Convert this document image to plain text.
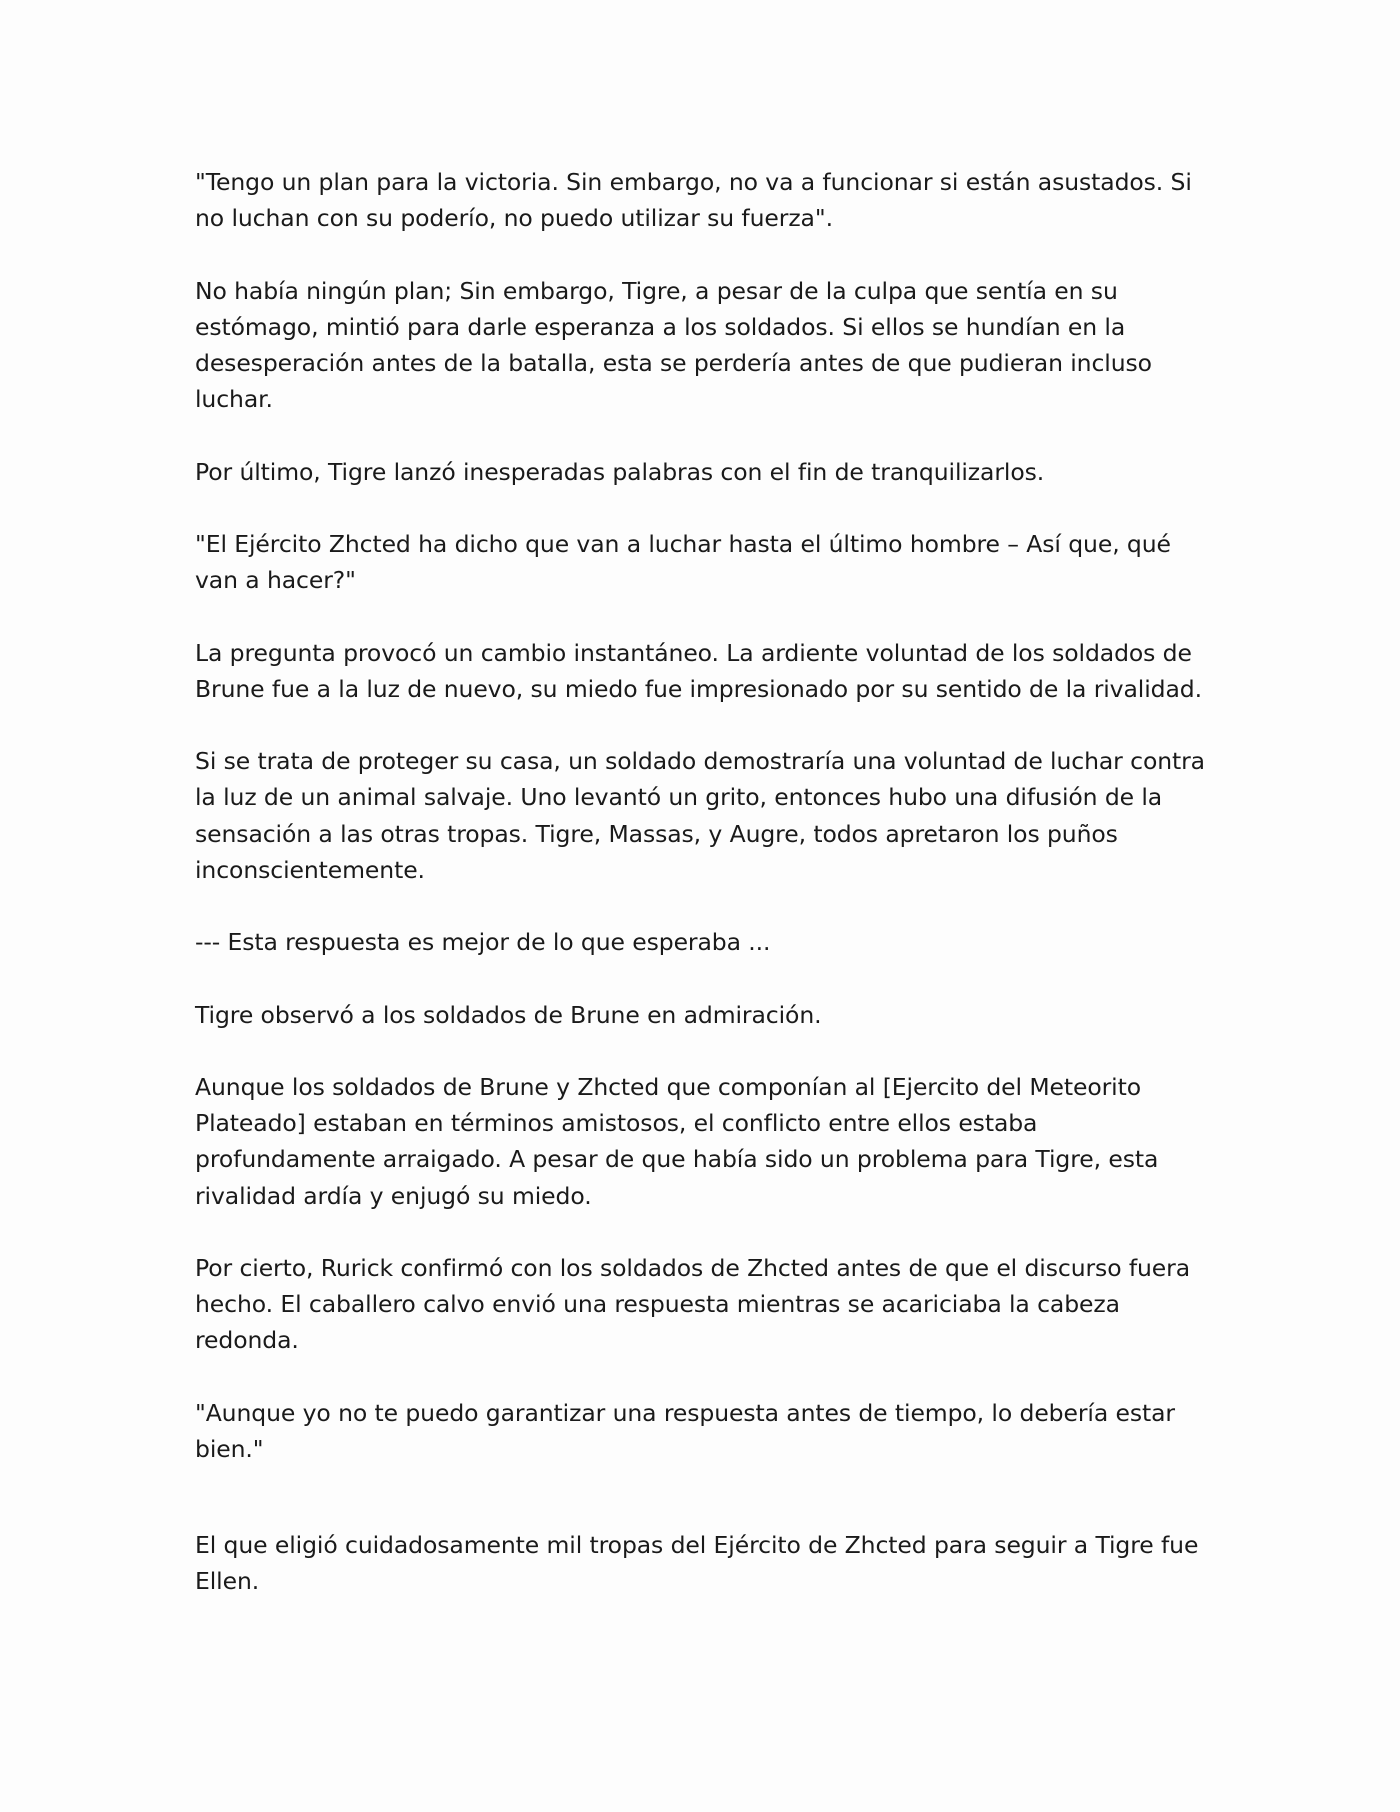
"Tengo un plan para la victoria. Sin embargo, no va a funcionar si están asustados. Si no luchan con su poderío, no puedo utilizar su fuerza".

No había ningún plan; Sin embargo, Tigre, a pesar de la culpa que sentía en su estómago, mintió para darle esperanza a los soldados. Si ellos se hundían en la desesperación antes de la batalla, esta se perdería antes de que pudieran incluso luchar.

Por último, Tigre lanzó inesperadas palabras con el fin de tranquilizarlos.

"El Ejército Zhcted ha dicho que van a luchar hasta el último hombre – Así que, qué van a hacer?"

La pregunta provocó un cambio instantáneo. La ardiente voluntad de los soldados de Brune fue a la luz de nuevo, su miedo fue impresionado por su sentido de la rivalidad.

Si se trata de proteger su casa, un soldado demostraría una voluntad de luchar contra la luz de un animal salvaje. Uno levantó un grito, entonces hubo una difusión de la sensación a las otras tropas. Tigre, Massas, y Augre, todos apretaron los puños inconscientemente.

--- Esta respuesta es mejor de lo que esperaba ...

Tigre observó a los soldados de Brune en admiración.

Aunque los soldados de Brune y Zhcted que componían al [Ejercito del Meteorito Plateado] estaban en términos amistosos, el conflicto entre ellos estaba profundamente arraigado. A pesar de que había sido un problema para Tigre, esta rivalidad ardía y enjugó su miedo.

Por cierto, Rurick confirmó con los soldados de Zhcted antes de que el discurso fuera hecho. El caballero calvo envió una respuesta mientras se acariciaba la cabeza redonda.

"Aunque yo no te puedo garantizar una respuesta antes de tiempo, lo debería estar bien."

El que eligió cuidadosamente mil tropas del Ejército de Zhcted para seguir a Tigre fue Ellen.
